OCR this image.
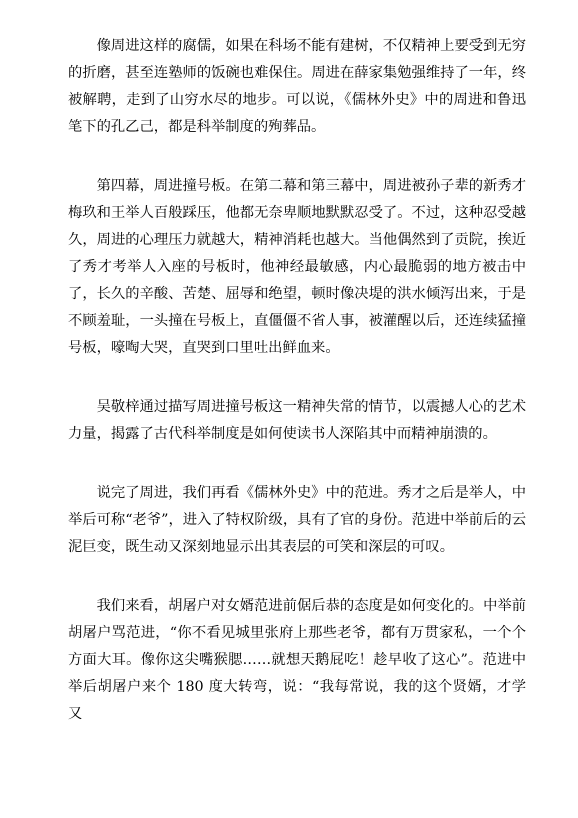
像周进这样的腐儒，如果在科场不能有建树，不仅精神上要受到无穷的折磨，甚至连塾师的饭碗也难保住。周进在薛家集勉强维持了一年，终被解聘，走到了山穷水尽的地步。可以说，《儒林外史》中的周进和鲁迅笔下的孔乙己，都是科举制度的殉葬品。

第四幕，周进撞号板。在第二幕和第三幕中，周进被孙子辈的新秀才梅玖和王举人百般踩压，他都无奈卑顺地默默忍受了。不过，这种忍受越久，周进的心理压力就越大，精神消耗也越大。当他偶然到了贡院，挨近了秀才考举人入座的号板时，他神经最敏感，内心最脆弱的地方被击中了，长久的辛酸、苦楚、屈辱和绝望，顿时像决堤的洪水倾泻出来，于是不顾羞耻，一头撞在号板上，直僵僵不省人事，被灌醒以后，还连续猛撞号板，嚎啕大哭，直哭到口里吐出鲜血来。

吴敬梓通过描写周进撞号板这一精神失常的情节，以震撼人心的艺术力量，揭露了古代科举制度是如何使读书人深陷其中而精神崩溃的。

说完了周进，我们再看《儒林外史》中的范进。秀才之后是举人，中举后可称“老爷”，进入了特权阶级，具有了官的身份。范进中举前后的云泥巨变，既生动又深刻地显示出其表层的可笑和深层的可叹。

我们来看，胡屠户对女婿范进前倨后恭的态度是如何变化的。中举前胡屠户骂范进，“你不看见城里张府上那些老爷，都有万贯家私，一个个方面大耳。像你这尖嘴猴腮……就想天鹅屁吃！趁早收了这心”。范进中举后胡屠户来个 180 度大转弯，说：“我每常说，我的这个贤婿，才学又
